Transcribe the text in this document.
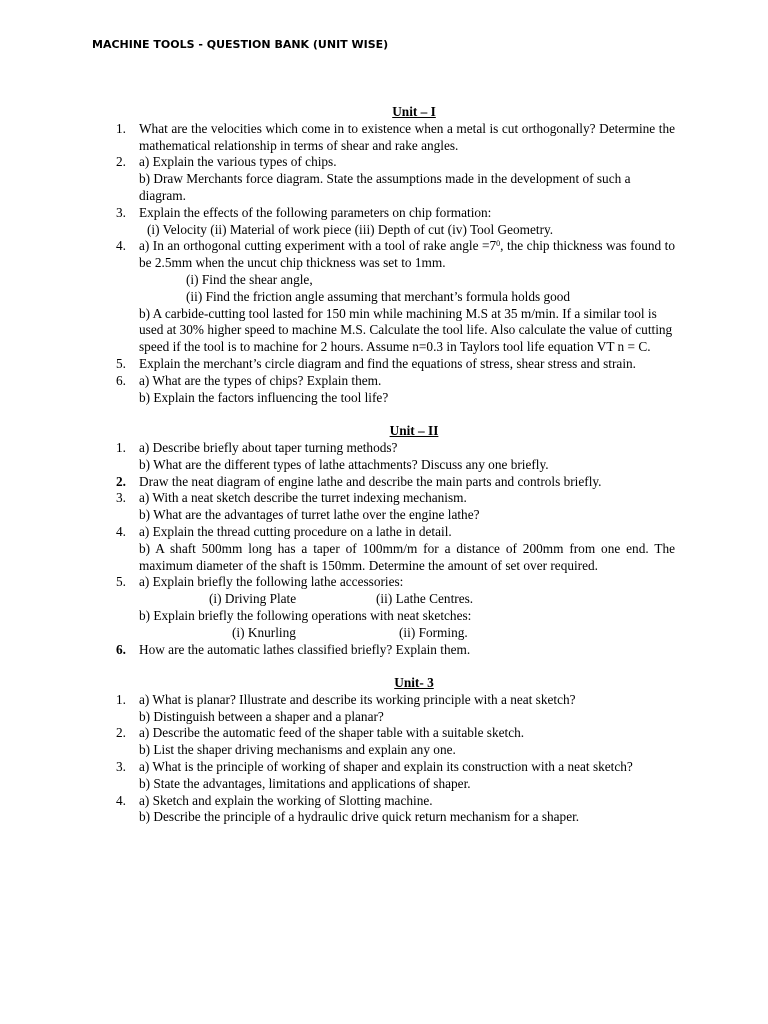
MACHINE TOOLS - QUESTION BANK (UNIT WISE)
Unit – I
1. What are the velocities which come in to existence when a metal is cut orthogonally? Determine the mathematical relationship in terms of shear and rake angles.
2. a) Explain the various types of chips.
b) Draw Merchants force diagram. State the assumptions made in the development of such a diagram.
3. Explain the effects of the following parameters on chip formation:
(i) Velocity (ii) Material of work piece (iii) Depth of cut (iv) Tool Geometry.
4. a) In an orthogonal cutting experiment with a tool of rake angle $=7^0$, the chip thickness was found to be 2.5mm when the uncut chip thickness was set to 1mm.
(i) Find the shear angle,
(ii) Find the friction angle assuming that merchant’s formula holds good
b) A carbide-cutting tool lasted for 150 min while machining M.S at 35 m/min. If a similar tool is used at 30% higher speed to machine M.S. Calculate the tool life. Also calculate the value of cutting speed if the tool is to machine for 2 hours. Assume n=0.3 in Taylors tool life equation VT n = C.
5. Explain the merchant’s circle diagram and find the equations of stress, shear stress and strain.
6. a) What are the types of chips? Explain them.
b) Explain the factors influencing the tool life?
Unit – II
1. a) Describe briefly about taper turning methods?
b) What are the different types of lathe attachments? Discuss any one briefly.
2. Draw the neat diagram of engine lathe and describe the main parts and controls briefly.
3. a) With a neat sketch describe the turret indexing mechanism.
b) What are the advantages of turret lathe over the engine lathe?
4. a) Explain the thread cutting procedure on a lathe in detail.
b) A shaft 500mm long has a taper of 100mm/m for a distance of 200mm from one end. The maximum diameter of the shaft is 150mm. Determine the amount of set over required.
5. a) Explain briefly the following lathe accessories:
(i) Driving Plate	(ii) Lathe Centres.
b) Explain briefly the following operations with neat sketches:
(i) Knurling	(ii) Forming.
6. How are the automatic lathes classified briefly? Explain them.
Unit- 3
1. a) What is planar? Illustrate and describe its working principle with a neat sketch?
b) Distinguish between a shaper and a planar?
2. a) Describe the automatic feed of the shaper table with a suitable sketch.
b) List the shaper driving mechanisms and explain any one.
3. a) What is the principle of working of shaper and explain its construction with a neat sketch?
b) State the advantages, limitations and applications of shaper.
4. a) Sketch and explain the working of Slotting machine.
b) Describe the principle of a hydraulic drive quick return mechanism for a shaper.
